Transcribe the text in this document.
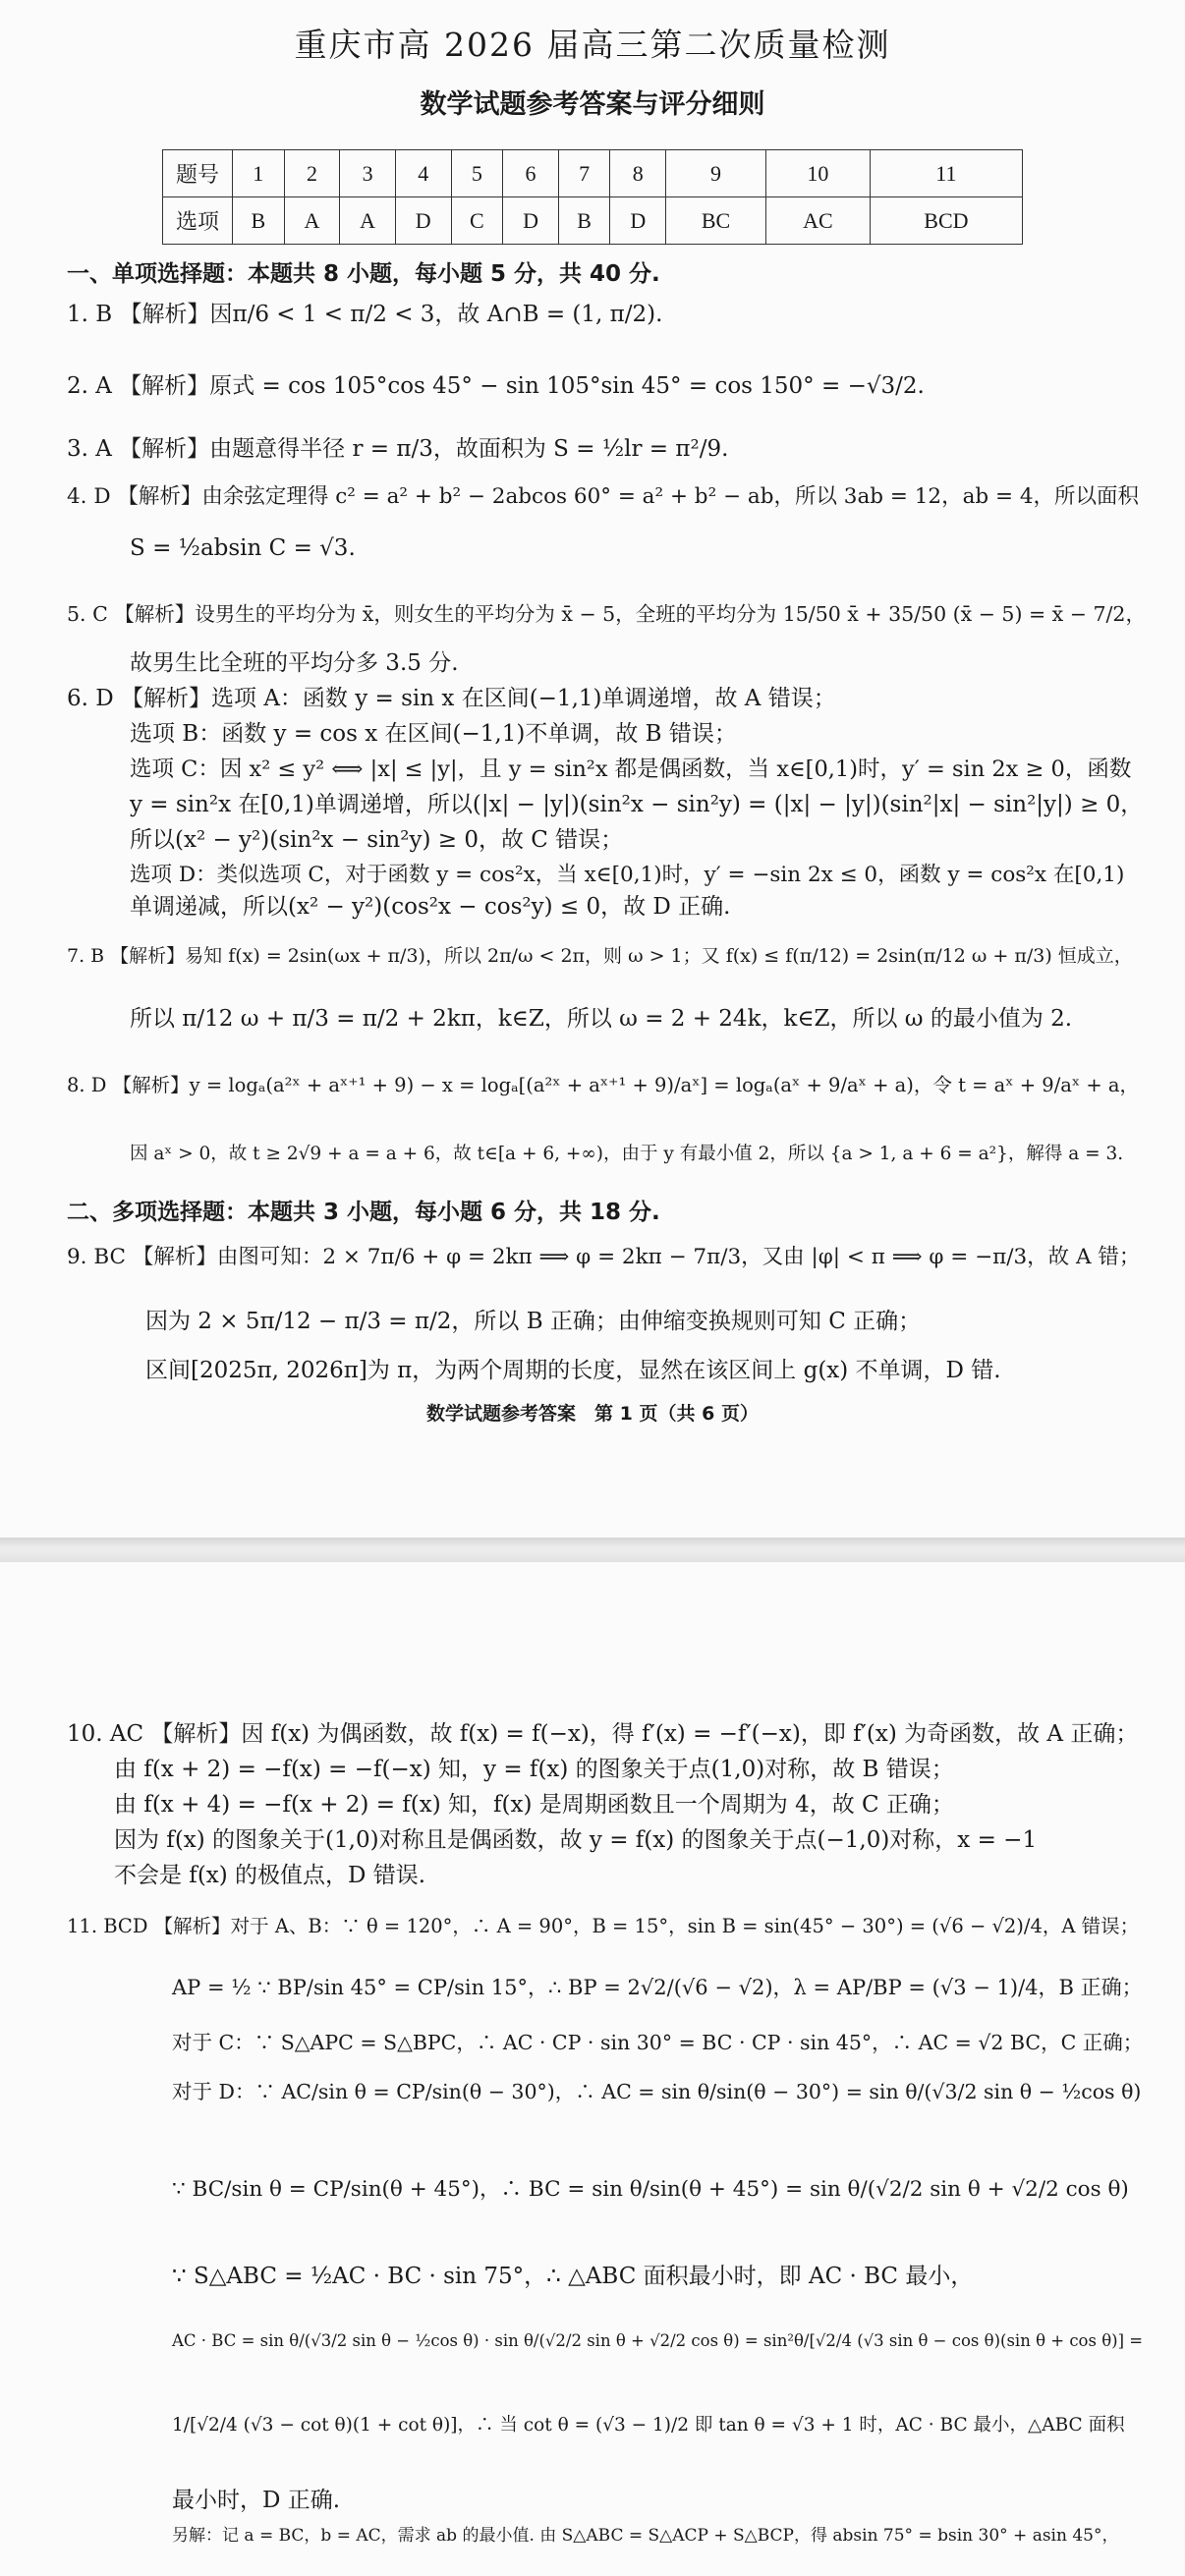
重庆市高 2026 届高三第二次质量检测
数学试题参考答案与评分细则
题号	1	2	3	4	5	6	7	8	9	10	11
选项	B	A	A	D	C	D	B	D	BC	AC	BCD
一、单项选择题：本题共 8 小题，每小题 5 分，共 40 分.
1. B 【解析】因π/6 < 1 < π/2 < 3，故 A∩B = (1, π/2).
2. A 【解析】原式 = cos 105°cos 45° − sin 105°sin 45° = cos 150° = −√3/2.
3. A 【解析】由题意得半径 r = π/3，故面积为 S = ½lr = π²/9.
4. D 【解析】由余弦定理得 c² = a² + b² − 2abcos 60° = a² + b² − ab，所以 3ab = 12，ab = 4，所以面积
S = ½absin C = √3.
5. C 【解析】设男生的平均分为 x̄，则女生的平均分为 x̄ − 5，全班的平均分为 15/50 x̄ + 35/50 (x̄ − 5) = x̄ − 7/2，
故男生比全班的平均分多 3.5 分.
6. D 【解析】选项 A：函数 y = sin x 在区间(−1,1)单调递增，故 A 错误；
选项 B：函数 y = cos x 在区间(−1,1)不单调，故 B 错误；
选项 C：因 x² ≤ y² ⟺ |x| ≤ |y|，且 y = sin²x 都是偶函数，当 x∈[0,1)时，y′ = sin 2x ≥ 0，函数
y = sin²x 在[0,1)单调递增，所以(|x| − |y|)(sin²x − sin²y) = (|x| − |y|)(sin²|x| − sin²|y|) ≥ 0，
所以(x² − y²)(sin²x − sin²y) ≥ 0，故 C 错误；
选项 D：类似选项 C，对于函数 y = cos²x，当 x∈[0,1)时，y′ = −sin 2x ≤ 0，函数 y = cos²x 在[0,1)
单调递减，所以(x² − y²)(cos²x − cos²y) ≤ 0，故 D 正确.
7. B 【解析】易知 f(x) = 2sin(ωx + π/3)，所以 2π/ω < 2π，则 ω > 1；又 f(x) ≤ f(π/12) = 2sin(π/12 ω + π/3) 恒成立，
所以 π/12 ω + π/3 = π/2 + 2kπ，k∈Z，所以 ω = 2 + 24k，k∈Z，所以 ω 的最小值为 2.
8. D 【解析】y = logₐ(a²ˣ + aˣ⁺¹ + 9) − x = logₐ[(a²ˣ + aˣ⁺¹ + 9)/aˣ] = logₐ(aˣ + 9/aˣ + a)，令 t = aˣ + 9/aˣ + a，
因 aˣ > 0，故 t ≥ 2√9 + a = a + 6，故 t∈[a + 6, +∞)，由于 y 有最小值 2，所以 {a > 1, a + 6 = a²}，解得 a = 3.
二、多项选择题：本题共 3 小题，每小题 6 分，共 18 分.
9. BC 【解析】由图可知：2 × 7π/6 + φ = 2kπ ⟹ φ = 2kπ − 7π/3，又由 |φ| < π ⟹ φ = −π/3，故 A 错；
因为 2 × 5π/12 − π/3 = π/2，所以 B 正确；由伸缩变换规则可知 C 正确；
区间[2025π, 2026π]为 π，为两个周期的长度，显然在该区间上 g(x) 不单调，D 错.
数学试题参考答案　第 1 页（共 6 页）
10. AC 【解析】因 f(x) 为偶函数，故 f(x) = f(−x)，得 f′(x) = −f′(−x)，即 f′(x) 为奇函数，故 A 正确；
由 f(x + 2) = −f(x) = −f(−x) 知，y = f(x) 的图象关于点(1,0)对称，故 B 错误；
由 f(x + 4) = −f(x + 2) = f(x) 知，f(x) 是周期函数且一个周期为 4，故 C 正确；
因为 f(x) 的图象关于(1,0)对称且是偶函数，故 y = f(x) 的图象关于点(−1,0)对称，x = −1
不会是 f(x) 的极值点，D 错误.
11. BCD 【解析】对于 A、B：∵ θ = 120°，∴ A = 90°，B = 15°，sin B = sin(45° − 30°) = (√6 − √2)/4，A 错误；
AP = ½ ∵ BP/sin 45° = CP/sin 15°，∴ BP = 2√2/(√6 − √2)，λ = AP/BP = (√3 − 1)/4，B 正确；
对于 C：∵ S△APC = S△BPC，∴ AC · CP · sin 30° = BC · CP · sin 45°，∴ AC = √2 BC，C 正确；
对于 D：∵ AC/sin θ = CP/sin(θ − 30°)，∴ AC = sin θ/sin(θ − 30°) = sin θ/(√3/2 sin θ − ½cos θ)
∵ BC/sin θ = CP/sin(θ + 45°)，∴ BC = sin θ/sin(θ + 45°) = sin θ/(√2/2 sin θ + √2/2 cos θ)
∵ S△ABC = ½AC · BC · sin 75°，∴ △ABC 面积最小时，即 AC · BC 最小，
AC · BC = sin θ/(√3/2 sin θ − ½cos θ) · sin θ/(√2/2 sin θ + √2/2 cos θ) = sin²θ/[√2/4 (√3 sin θ − cos θ)(sin θ + cos θ)] =
1/[√2/4 (√3 − cot θ)(1 + cot θ)]，∴ 当 cot θ = (√3 − 1)/2 即 tan θ = √3 + 1 时，AC · BC 最小，△ABC 面积
最小时，D 正确.
另解：记 a = BC，b = AC，需求 ab 的最小值. 由 S△ABC = S△ACP + S△BCP，得 absin 75° = bsin 30° + asin 45°，
